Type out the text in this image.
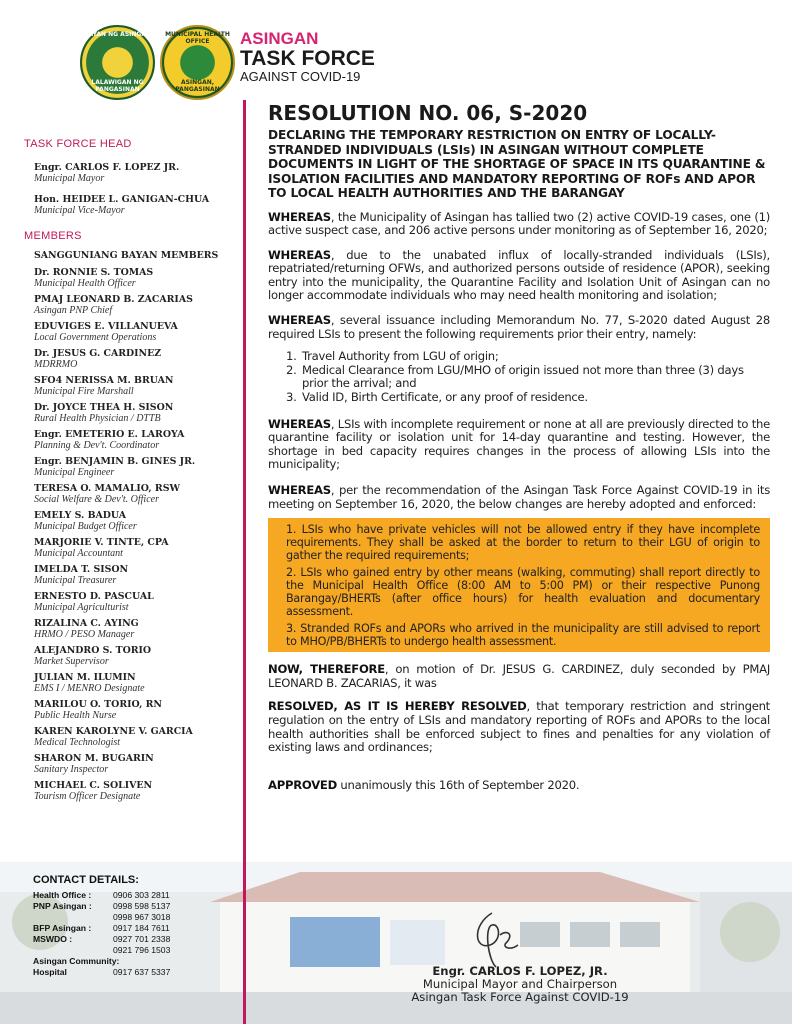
BAYAN NG ASINGAN
LALAWIGAN NG PANGASINAN
MUNICIPAL HEALTH OFFICE
ASINGAN, PANGASINAN
ASINGAN
TASK FORCE
AGAINST COVID-19
TASK FORCE HEAD
Engr. CARLOS F. LOPEZ JR.
Municipal Mayor
Hon. HEIDEE L. GANIGAN-CHUA
Municipal Vice-Mayor
MEMBERS
SANGGUNIANG BAYAN MEMBERS
Dr. RONNIE S. TOMAS
Municipal Health Officer
PMAJ LEONARD B. ZACARIAS
Asingan PNP Chief
EDUVIGES E. VILLANUEVA
Local Government Operations
Dr. JESUS G. CARDINEZ
MDRRMO
SFO4 NERISSA M. BRUAN
Municipal Fire Marshall
Dr. JOYCE THEA H. SISON
Rural Health Physician / DTTB
Engr. EMETERIO E. LAROYA
Planning & Dev't. Coordinator
Engr. BENJAMIN B. GINES JR.
Municipal Engineer
TERESA O. MAMALIO, RSW
Social Welfare & Dev't. Officer
EMELY S. BADUA
Municipal Budget Officer
MARJORIE V. TINTE, CPA
Municipal Accountant
IMELDA T. SISON
Municipal Treasurer
ERNESTO D. PASCUAL
Municipal Agriculturist
RIZALINA C. AYING
HRMO / PESO Manager
ALEJANDRO S. TORIO
Market Supervisor
JULIAN M. ILUMIN
EMS I / MENRO Designate
MARILOU O. TORIO, RN
Public Health Nurse
KAREN KAROLYNE V. GARCIA
Medical Technologist
SHARON M. BUGARIN
Sanitary Inspector
MICHAEL C. SOLIVEN
Tourism Officer Designate
CONTACT DETAILS:
Health Office :	0906 303 2811
PNP Asingan :	0998 598 5137
0998 967 3018
BFP Asingan :	0917 184 7611
MSWDO :	0927 701 2338
0921 796 1503
Asingan Community:
Hospital	0917 637 5337
RESOLUTION NO. 06, S-2020
DECLARING THE TEMPORARY RESTRICTION ON ENTRY OF LOCALLY-STRANDED INDIVIDUALS (LSIs) IN ASINGAN WITHOUT COMPLETE DOCUMENTS IN LIGHT OF THE SHORTAGE OF SPACE IN ITS QUARANTINE & ISOLATION FACILITIES AND MANDATORY REPORTING OF ROFs AND APOR TO LOCAL HEALTH AUTHORITIES AND THE BARANGAY

WHEREAS, the Municipality of Asingan has tallied two (2) active COVID-19 cases, one (1) active suspect case, and 206 active persons under monitoring as of September 16, 2020;

WHEREAS, due to the unabated influx of locally-stranded individuals (LSIs), repatriated/returning OFWs, and authorized persons outside of residence (APOR), seeking entry into the municipality, the Quarantine Facility and Isolation Unit of Asingan can no longer accommodate individuals who may need health monitoring and isolation;

WHEREAS, several issuance including Memorandum No. 77, S-2020 dated August 28 required LSIs to present the following requirements prior their entry, namely:

1. Travel Authority from LGU of origin;
2. Medical Clearance from LGU/MHO of origin issued not more than three (3) days prior the arrival; and
3. Valid ID, Birth Certificate, or any proof of residence.

WHEREAS, LSIs with incomplete requirement or none at all are previously directed to the quarantine facility or isolation unit for 14-day quarantine and testing. However, the shortage in bed capacity requires changes in the process of allowing LSIs into the municipality;

WHEREAS, per the recommendation of the Asingan Task Force Against COVID-19 in its meeting on September 16, 2020, the below changes are hereby adopted and enforced:

1. LSIs who have private vehicles will not be allowed entry if they have incomplete requirements. They shall be asked at the border to return to their LGU of origin to gather the required requirements;
2. LSIs who gained entry by other means (walking, commuting) shall report directly to the Municipal Health Office (8:00 AM to 5:00 PM) or their respective Punong Barangay/BHERTs (after office hours) for health evaluation and documentary assessment.
3. Stranded ROFs and APORs who arrived in the municipality are still advised to report to MHO/PB/BHERTs to undergo health assessment.

NOW, THEREFORE, on motion of Dr. JESUS G. CARDINEZ, duly seconded by PMAJ LEONARD B. ZACARIAS, it was

RESOLVED, AS IT IS HEREBY RESOLVED, that temporary restriction and stringent regulation on the entry of LSIs and mandatory reporting of ROFs and APORs to the local health authorities shall be enforced subject to fines and penalties for any violation of existing laws and ordinances;

APPROVED unanimously this 16th of September 2020.

Engr. CARLOS F. LOPEZ, JR.
Municipal Mayor and Chairperson
Asingan Task Force Against COVID-19
